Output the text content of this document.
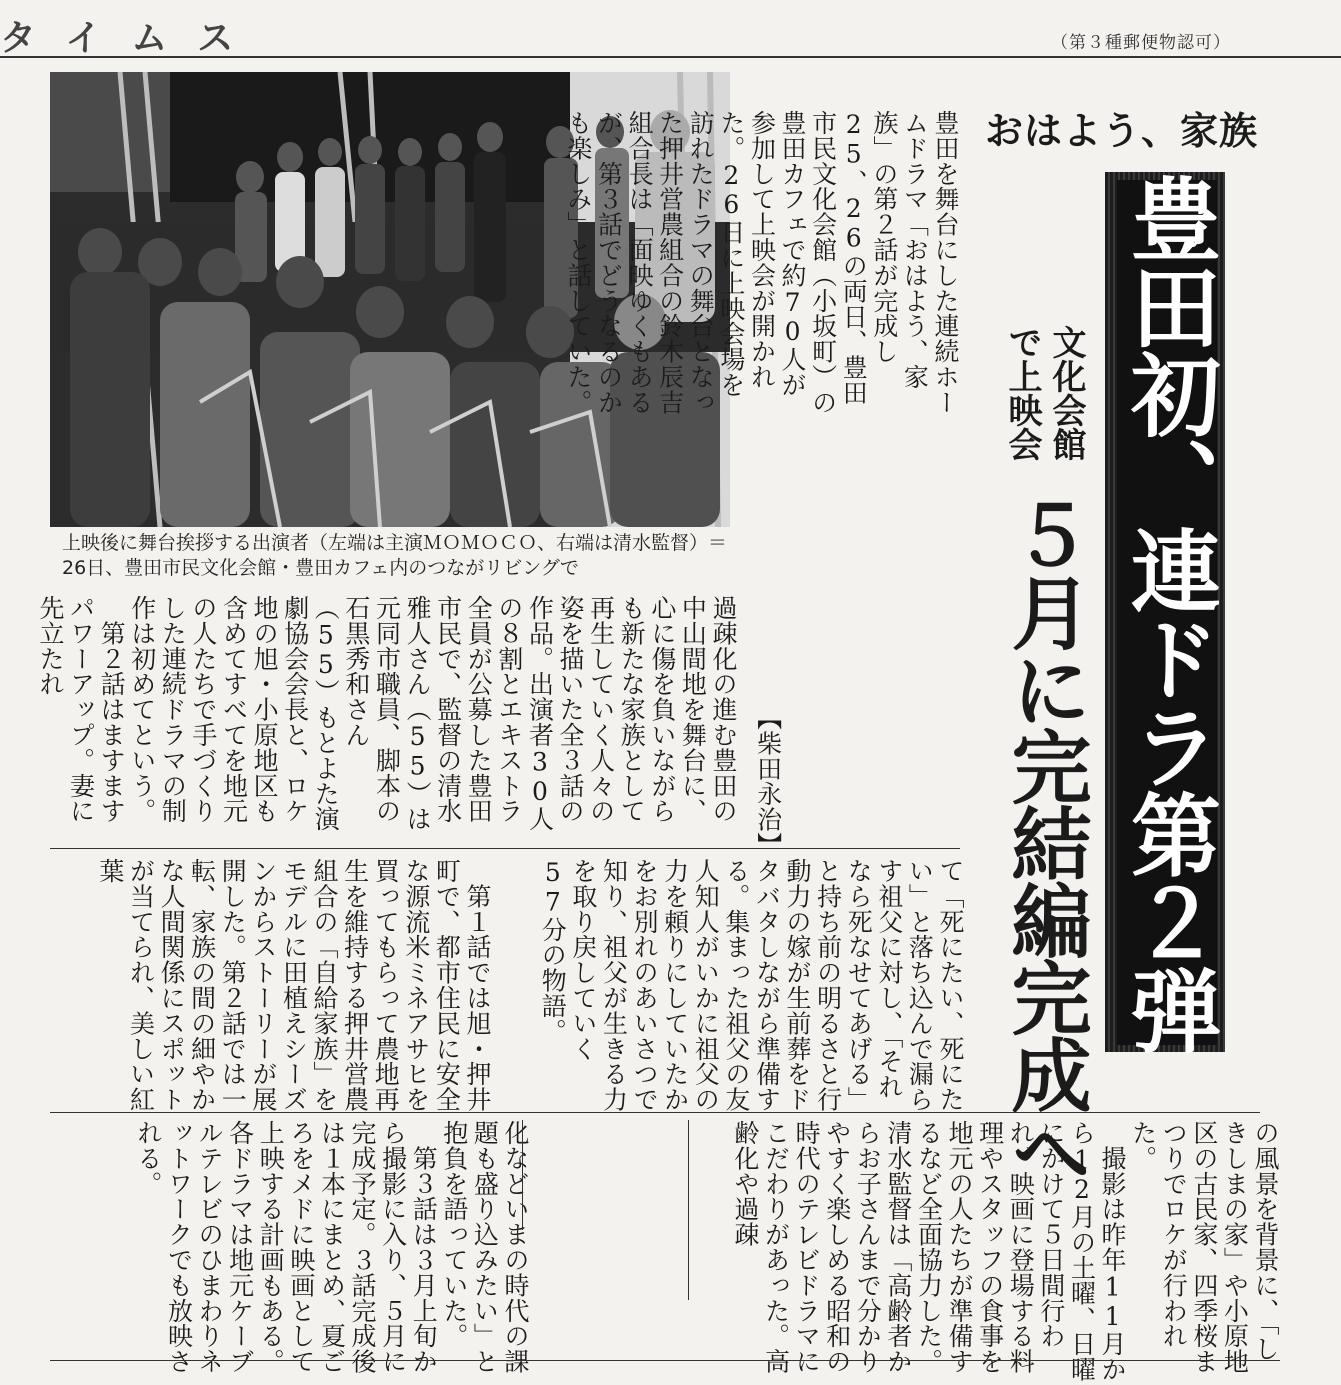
タイムス	（第３種郵便物認可）
上映後に舞台挨拶する出演者（左端は主演ＭＯＭＯＣＯ、右端は清水監督）＝26日、豊田市民文化会館・豊田カフェ内のつながリビングで
おはよう、家族
豊田初、連ドラ第２弾
文化会館
で上映会
５月に完結編完成へ
豊田を舞台にした連続ホームドラマ「おはよう、家族」の第２話が完成し25、26の両日、豊田市民文化会館（小坂町）の豊田カフェで約70人が参加して上映会が開かれた。26日に上映会場を訪れたドラマの舞台となった押井営農組合の鈴木辰吉組合長は「面映ゆくもあるが、第３話でどうなるのかも楽しみ」と話していた。
【柴田永治】
過疎化の進む豊田の中山間地を舞台に、心に傷を負いながらも新たな家族として再生していく人々の姿を描いた全３話の作品。出演者30人の８割とエキストラ全員が公募した豊田市民で、監督の清水雅人さん（55）は元同市職員、脚本の石黒秀和さん（55）もとよた演劇協会会長と、ロケ地の旭・小原地区も含めてすべてを地元の人たちで手づくりした連続ドラマの制作は初めてという。
　第２話はますますパワーアップ。妻に先立たれ
て「死にたい、死にたい」と落ち込んで漏らす祖父に対し、「それなら死なせてあげる」と持ち前の明るさと行動力の嫁が生前葬をドタバタしながら準備する。集まった祖父の友人知人がいかに祖父の力を頼りにしていたかをお別れのあいさつで知り、祖父が生きる力を取り戻していく57分の物語。
　第１話では旭・押井町で、都市住民に安全な源流米ミネアサヒを買ってもらって農地再生を維持する押井営農組合の「自給家族」をモデルに田植えシーズンからストーリーが展開した。第２話では一転、家族の間の細やかな人間関係にスポットが当てられ、美しい紅葉
の風景を背景に、「しきしまの家」や小原地区の古民家、四季桜まつりでロケが行われた。
　撮影は昨年11月から12月の土曜、日曜にかけて５日間行われ、映画に登場する料理やスタッフの食事を地元の人たちが準備するなど全面協力した。清水監督は「高齢者からお子さんまで分かりやすく楽しめる昭和の時代のテレビドラマにこだわりがあった。高齢化や過疎
化などいまの時代の課題も盛り込みたい」と抱負を語っていた。
　第３話は３月上旬から撮影に入り、５月に完成予定。３話完成後は１本にまとめ、夏ごろをメドに映画として上映する計画もある。各ドラマは地元ケーブルテレビのひまわりネットワークでも放映される。
